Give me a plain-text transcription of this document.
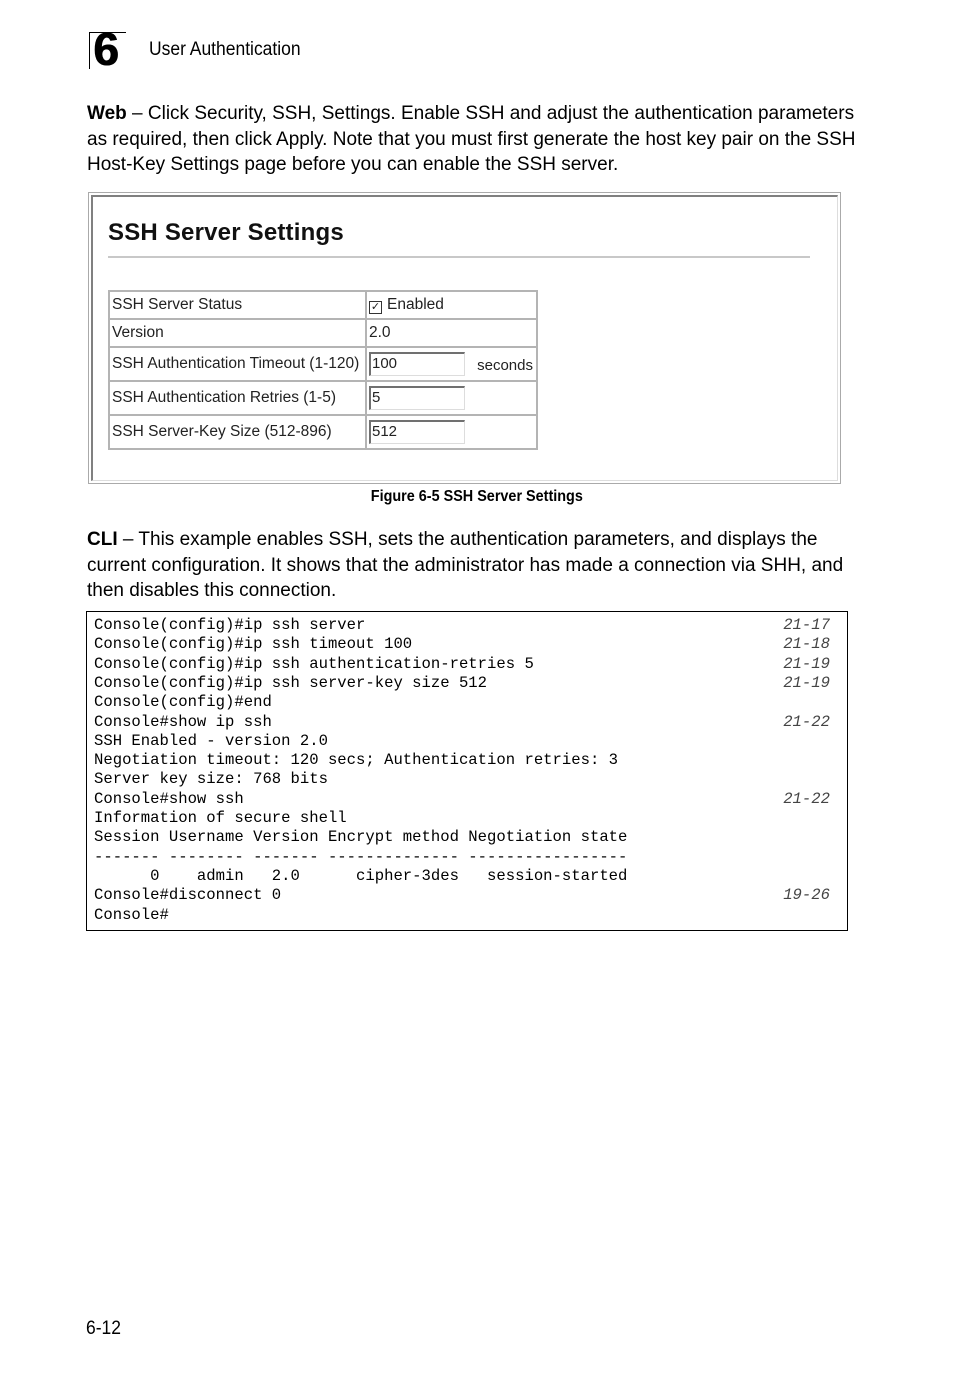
6 User Authentication
Web – Click Security, SSH, Settings. Enable SSH and adjust the authentication parameters as required, then click Apply. Note that you must first generate the host key pair on the SSH Host-Key Settings page before you can enable the SSH server.
SSH Server Settings
SSH Server Status	✓ Enabled
Version	2.0
SSH Authentication Timeout (1-120)	100 seconds

SSH Authentication Retries (1-5)	5
SSH Server-Key Size (512-896)	512
Figure 6-5 SSH Server Settings
CLI – This example enables SSH, sets the authentication parameters, and displays the current configuration. It shows that the administrator has made a connection via SHH, and then disables this connection.
Console(config)#ip ssh server	21-17
Console(config)#ip ssh timeout 100	21-18
Console(config)#ip ssh authentication-retries 5	21-19
Console(config)#ip ssh server-key size 512	21-19
Console(config)#end
Console#show ip ssh	21-22
SSH Enabled - version 2.0
Negotiation timeout: 120 secs; Authentication retries: 3
Server key size: 768 bits
Console#show ssh	21-22
Information of secure shell
Session Username Version Encrypt method Negotiation state
------- -------- ------- -------------- -----------------
0    admin   2.0      cipher-3des   session-started
Console#disconnect 0	19-26
Console#
6-12
